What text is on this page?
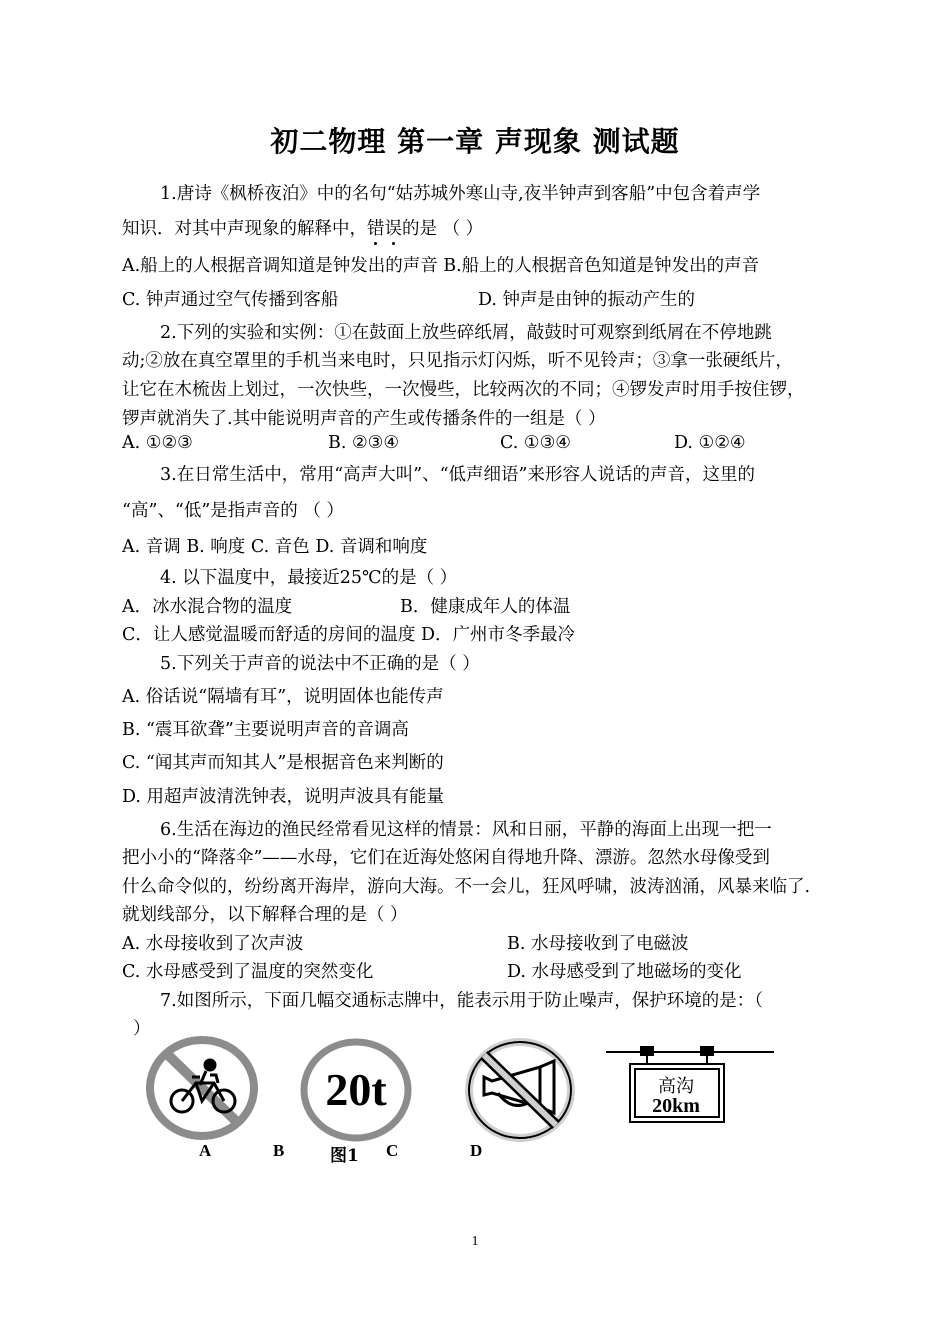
初二物理 第一章 声现象 测试题
1.唐诗《枫桥夜泊》中的名句“姑苏城外寒山寺,夜半钟声到客船”中包含着声学
知识．对其中声现象的解释中，错误的是 （ ）
A.船上的人根据音调知道是钟发出的声音 B.船上的人根据音色知道是钟发出的声音
C. 钟声通过空气传播到客船	D. 钟声是由钟的振动产生的
2.下列的实验和实例：①在鼓面上放些碎纸屑，敲鼓时可观察到纸屑在不停地跳
动;②放在真空罩里的手机当来电时，只见指示灯闪烁，听不见铃声；③拿一张硬纸片，
让它在木梳齿上划过，一次快些，一次慢些，比较两次的不同；④锣发声时用手按住锣，
锣声就消失了.其中能说明声音的产生或传播条件的一组是（ ）
A. ①②③	B. ②③④	C. ①③④	D. ①②④
3.在日常生活中，常用“高声大叫”、“低声细语”来形容人说话的声音，这里的
“高”、“低”是指声音的 （ ）
A. 音调 B. 响度 C. 音色 D. 音调和响度
4. 以下温度中，最接近25℃的是（ ）
A．冰水混合物的温度	B．健康成年人的体温
C．让人感觉温暖而舒适的房间的温度 D．广州市冬季最冷
5.下列关于声音的说法中不正确的是（ ）
A. 俗话说“隔墙有耳”，说明固体也能传声
B. “震耳欲聋”主要说明声音的音调高
C. “闻其声而知其人”是根据音色来判断的
D. 用超声波清洗钟表，说明声波具有能量
6.生活在海边的渔民经常看见这样的情景：风和日丽，平静的海面上出现一把一
把小小的“降落伞”——水母，它们在近海处悠闲自得地升降、漂游。忽然水母像受到
什么命令似的，纷纷离开海岸，游向大海。不一会儿，狂风呼啸，波涛汹涌，风暴来临了.
就划线部分，以下解释合理的是（ ）
A. 水母接收到了次声波	B. 水母接收到了电磁波
C. 水母感受到了温度的突然变化	D. 水母感受到了地磁场的变化
7.如图所示，下面几幅交通标志牌中，能表示用于防止噪声，保护环境的是：（
）
20t	高沟
20km
A	B	图1 C	D
1
